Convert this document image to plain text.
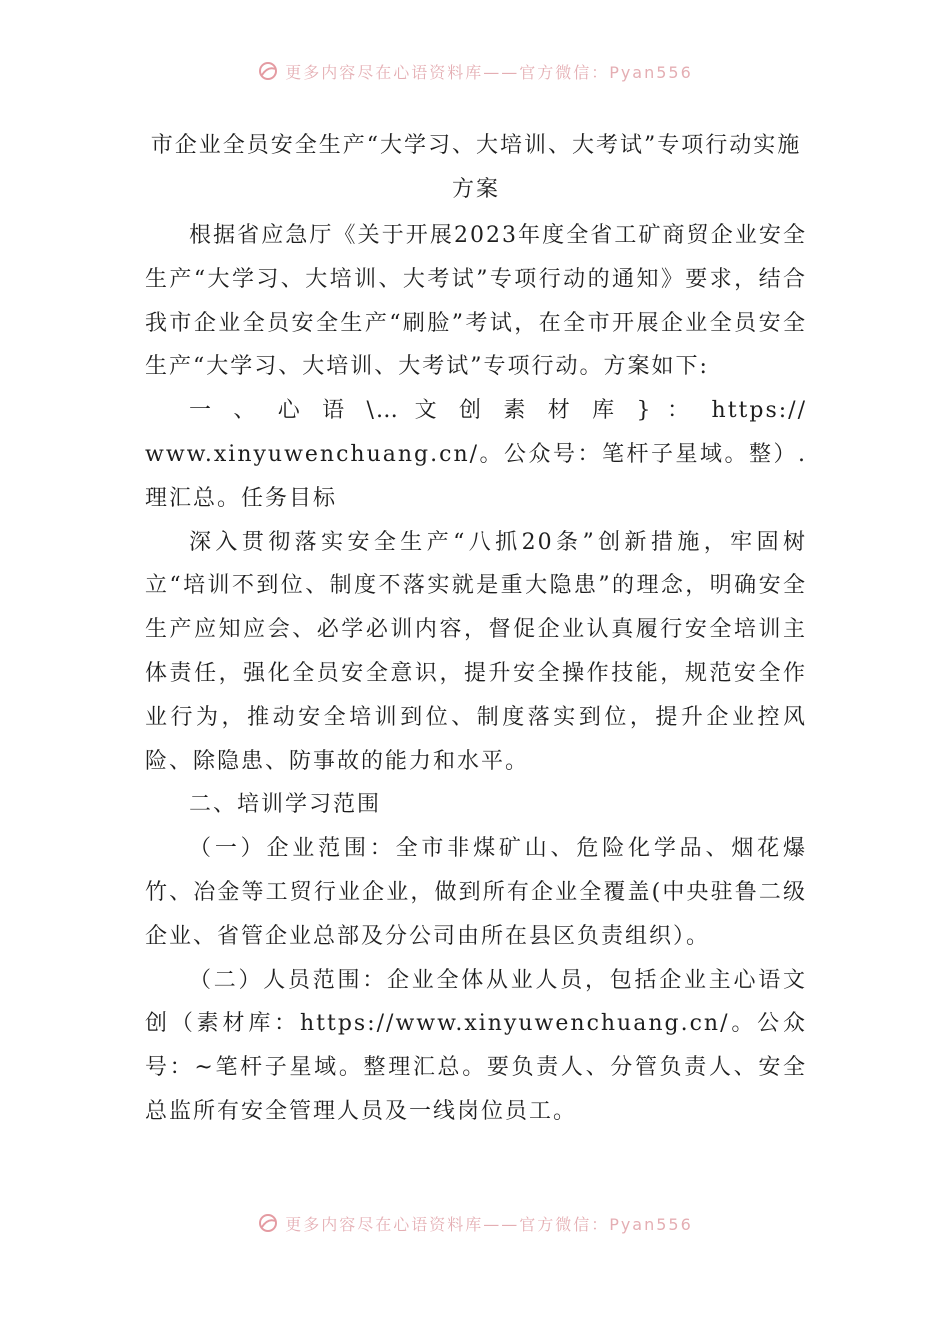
更多内容尽在心语资料库——官方微信：Pyan556
市企业全员安全生产“大学习、大培训、大考试”专项行动实施方案

根据省应急厅《关于开展2023年度全省工矿商贸企业安全生产“大学习、大培训、大考试”专项行动的通知》要求，结合我市企业全员安全生产“刷脸”考试，在全市开展企业全员安全生产“大学习、大培训、大考试”专项行动。方案如下:

一 、 心 语 \… 文 创 素 材 库 } ： https://

www.xinyuwenchuang.cn/。公众号：笔杆子星域。整）.理汇总。任务目标

深入贯彻落实安全生产“八抓20条”创新措施，牢固树立“培训不到位、制度不落实就是重大隐患”的理念，明确安全生产应知应会、必学必训内容，督促企业认真履行安全培训主体责任，强化全员安全意识，提升安全操作技能，规范安全作业行为，推动安全培训到位、制度落实到位，提升企业控风险、除隐患、防事故的能力和水平。

二、培训学习范围

（一）企业范围：全市非煤矿山、危险化学品、烟花爆竹、冶金等工贸行业企业，做到所有企业全覆盖(中央驻鲁二级企业、省管企业总部及分公司由所在县区负责组织）。

（二）人员范围：企业全体从业人员，包括企业主心语文创（素材库：https://www.xinyuwenchuang.cn/。公众号：~笔杆子星域。整理汇总。要负责人、分管负责人、安全总监所有安全管理人员及一线岗位员工。

更多内容尽在心语资料库——官方微信：Pyan556
